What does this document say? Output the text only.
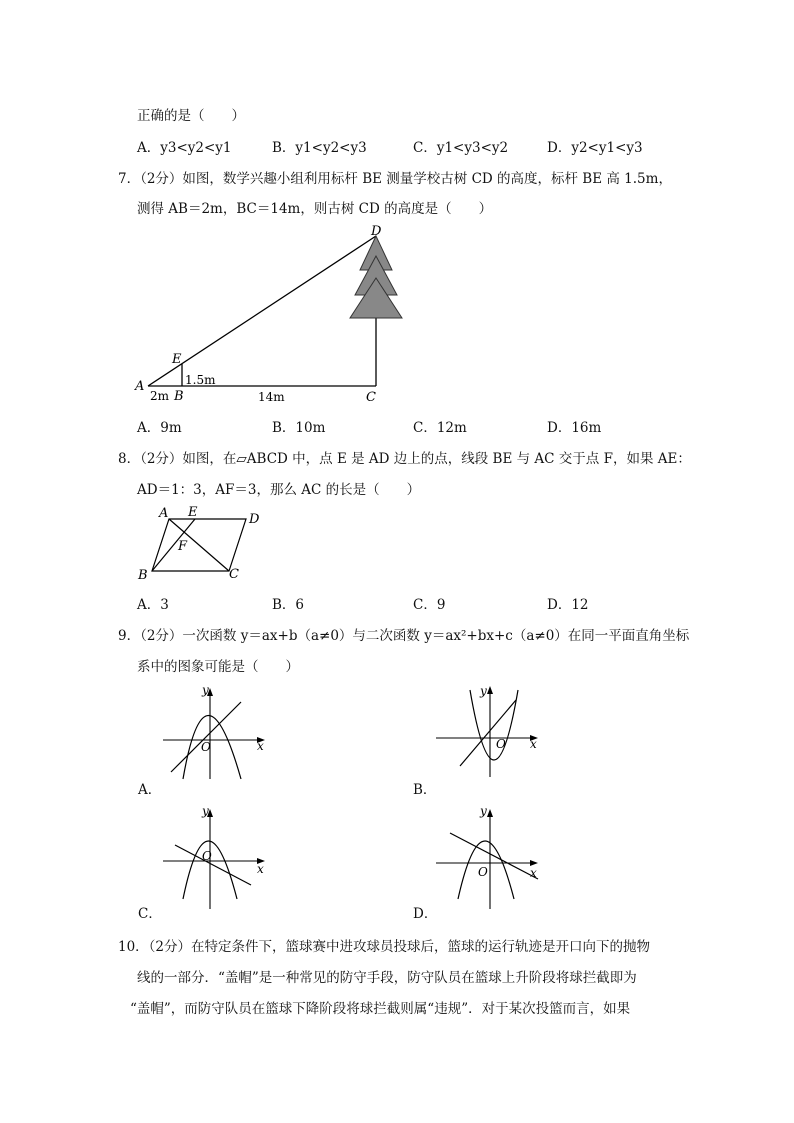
正确的是（　　）
A．y3<y2<y1	B．y1<y2<y3	C．y1<y3<y2	D．y2<y1<y3
7．（2分）如图，数学兴趣小组利用标杆 BE 测量学校古树 CD 的高度，标杆 BE 高 1.5m，
测得 AB＝2m，BC＝14m，则古树 CD 的高度是（　　）
A
B	C
D
E
1.5m
2m	14m
A．9m	B．10m	C．12m	D．16m
8．（2分）如图，在▱ABCD 中，点 E 是 AD 边上的点，线段 BE 与 AC 交于点 F，如果 AE：
AD＝1：3，AF＝3，那么 AC 的长是（　　）
A E	D
F
B	C
A．3	B．6	C．9	D．12
9．（2分）一次函数 y＝ax+b（a≠0）与二次函数 y＝ax²+bx+c（a≠0）在同一平面直角坐标
系中的图象可能是（　　）
y
x
O
A．
y
x
O
B．
y
x
O
C．
y
x
O
D．
10．（2分）在特定条件下，篮球赛中进攻球员投球后，篮球的运行轨迹是开口向下的抛物
线的一部分．“盖帽”是一种常见的防守手段，防守队员在篮球上升阶段将球拦截即为
“盖帽”，而防守队员在篮球下降阶段将球拦截则属“违规”．对于某次投篮而言，如果
